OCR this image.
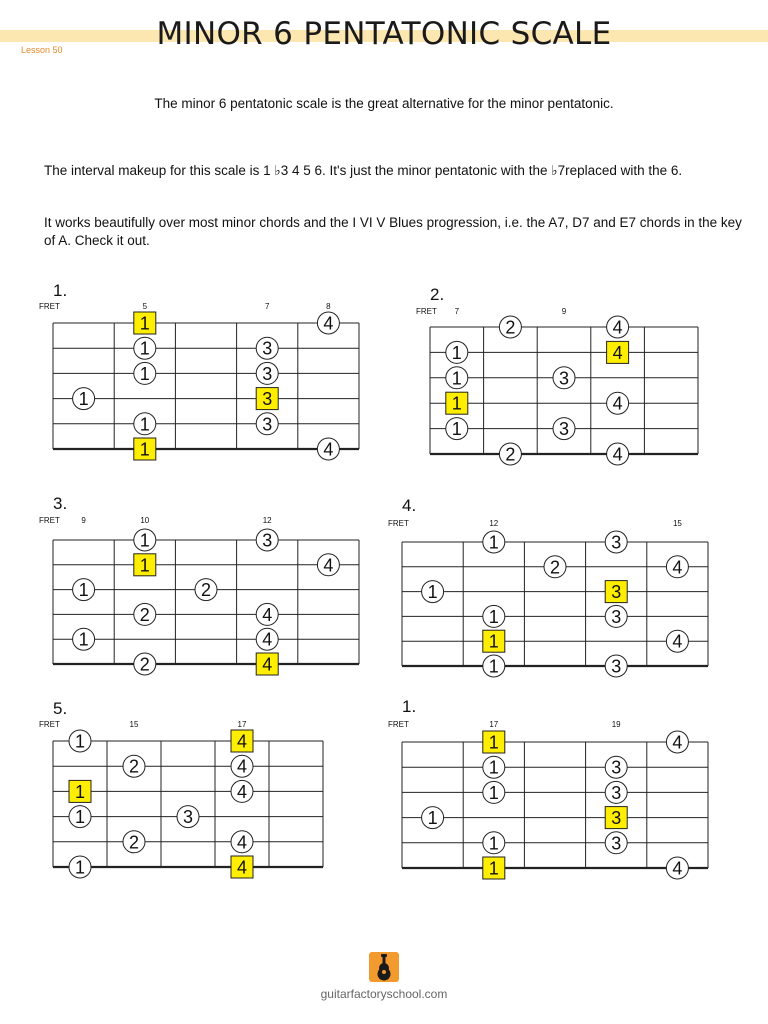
MINOR 6 PENTATONIC SCALE
Lesson 50

The minor 6 pentatonic scale is the great alternative for the minor pentatonic.

The interval makeup for this scale is 1 ♭3 4 5 6. It's just the minor pentatonic with the ♭7replaced with the 6.

It works beautifully over most minor chords and the I VI V Blues progression, i.e. the A7, D7 and E7 chords in the key of A. Check it out.

1.
FRET	5	7	8
1	4
1	3
1	3
1	3
1	3
1	4
2.
FRET 7	9
2	4
1	4
1	3
1	4
1	3
2	4
3.
FRET	9	10	12
1	3
1	4
1	2
2	4
1	4
2	4
4.
FRET	12	15
1	3
2	4
1	3
1	3
1	4
1	3
5.
FRET	15	17
1	4
2	4
1	4
1	3
2	4
1	4
1.
FRET	17	19
1	4
1	3
1	3
1	3
1	3
1	4
guitarfactoryschool.com
